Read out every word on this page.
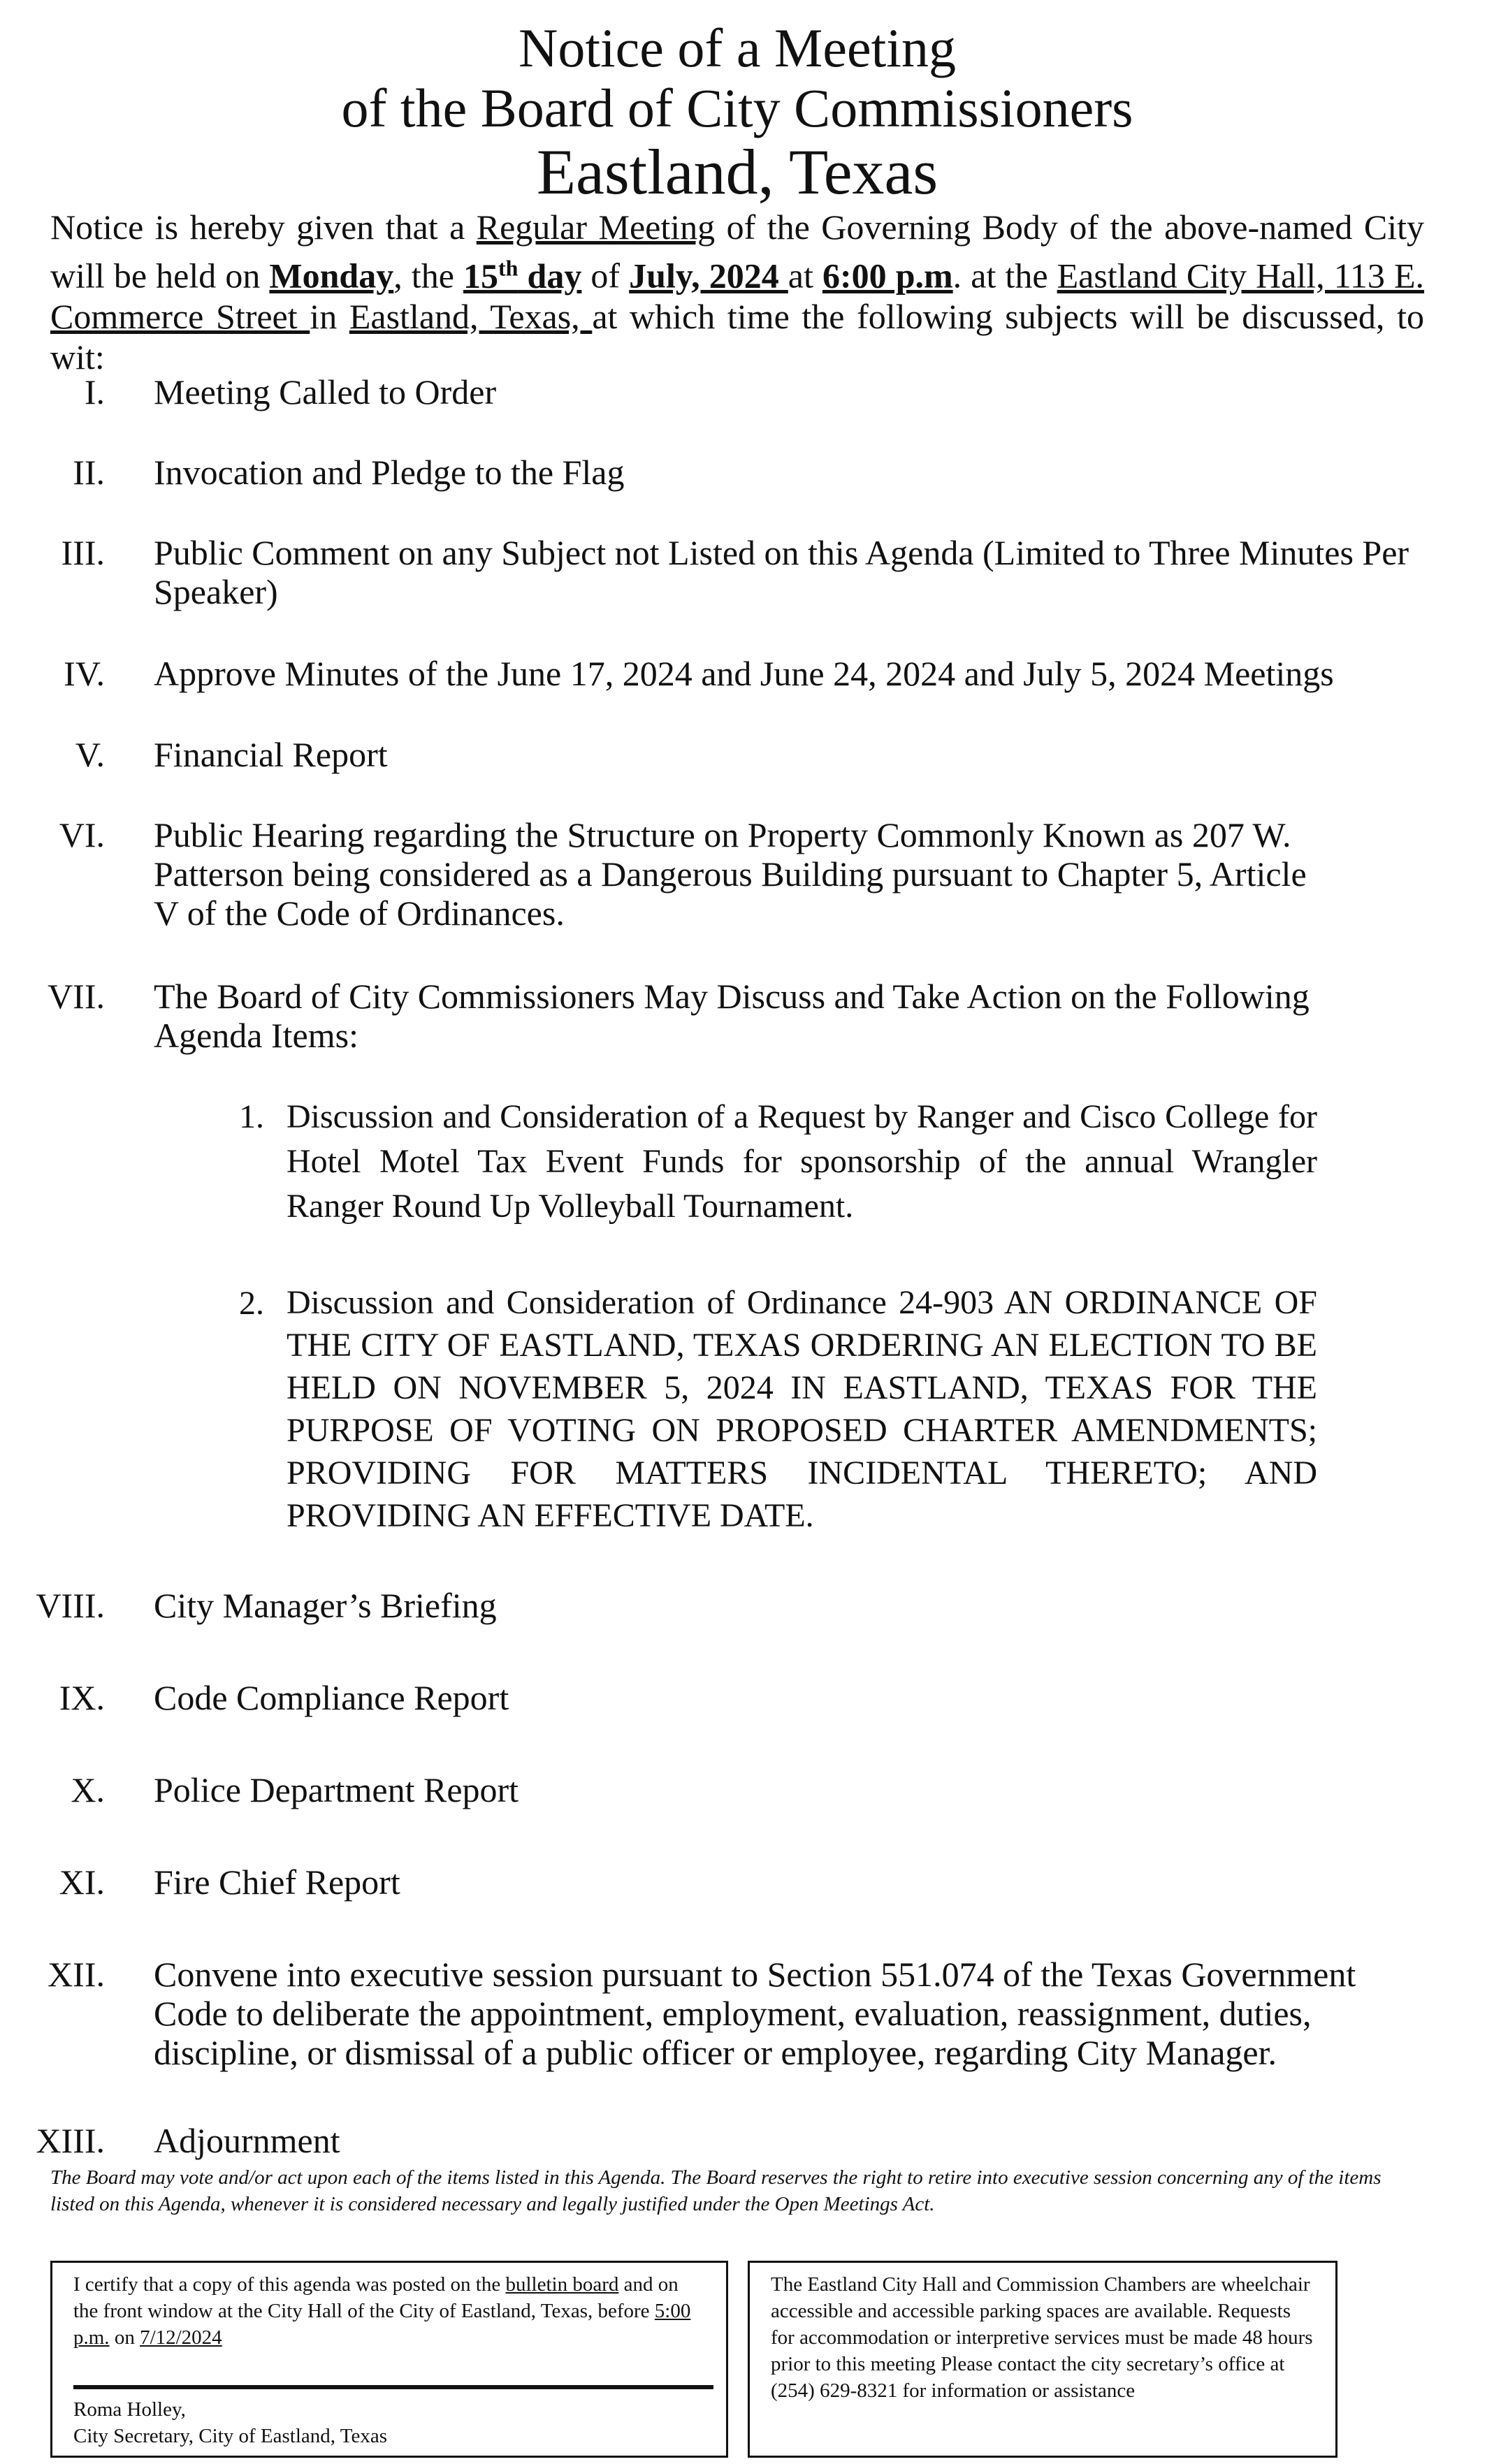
Notice of a Meeting
of the Board of City Commissioners
Eastland, Texas
Notice is hereby given that a Regular Meeting of the Governing Body of the above-named City will be held on Monday, the 15th day of July, 2024 at 6:00 p.m. at the Eastland City Hall, 113 E. Commerce Street in Eastland, Texas, at which time the following subjects will be discussed, to wit:
I. Meeting Called to Order
II. Invocation and Pledge to the Flag
III. Public Comment on any Subject not Listed on this Agenda (Limited to Three Minutes Per Speaker)
IV. Approve Minutes of the June 17, 2024 and June 24, 2024 and July 5, 2024 Meetings
V. Financial Report
VI. Public Hearing regarding the Structure on Property Commonly Known as 207 W. Patterson being considered as a Dangerous Building pursuant to Chapter 5, Article V of the Code of Ordinances.
VII. The Board of City Commissioners May Discuss and Take Action on the Following Agenda Items:
1. Discussion and Consideration of a Request by Ranger and Cisco College for Hotel Motel Tax Event Funds for sponsorship of the annual Wrangler Ranger Round Up Volleyball Tournament.
2. Discussion and Consideration of Ordinance 24-903 AN ORDINANCE OF THE CITY OF EASTLAND, TEXAS ORDERING AN ELECTION TO BE HELD ON NOVEMBER 5, 2024 IN EASTLAND, TEXAS FOR THE PURPOSE OF VOTING ON PROPOSED CHARTER AMENDMENTS; PROVIDING FOR MATTERS INCIDENTAL THERETO; AND PROVIDING AN EFFECTIVE DATE.
VIII. City Manager’s Briefing
IX. Code Compliance Report
X. Police Department Report
XI. Fire Chief Report
XII. Convene into executive session pursuant to Section 551.074 of the Texas Government Code to deliberate the appointment, employment, evaluation, reassignment, duties, discipline, or dismissal of a public officer or employee, regarding City Manager.
XIII. Adjournment
The Board may vote and/or act upon each of the items listed in this Agenda. The Board reserves the right to retire into executive session concerning any of the items listed on this Agenda, whenever it is considered necessary and legally justified under the Open Meetings Act.
I certify that a copy of this agenda was posted on the bulletin board and on the front window at the City Hall of the City of Eastland, Texas, before 5:00 p.m. on 7/12/2024
Roma Holley,
City Secretary, City of Eastland, Texas
The Eastland City Hall and Commission Chambers are wheelchair accessible and accessible parking spaces are available. Requests for accommodation or interpretive services must be made 48 hours prior to this meeting Please contact the city secretary’s office at (254) 629-8321 for information or assistance
